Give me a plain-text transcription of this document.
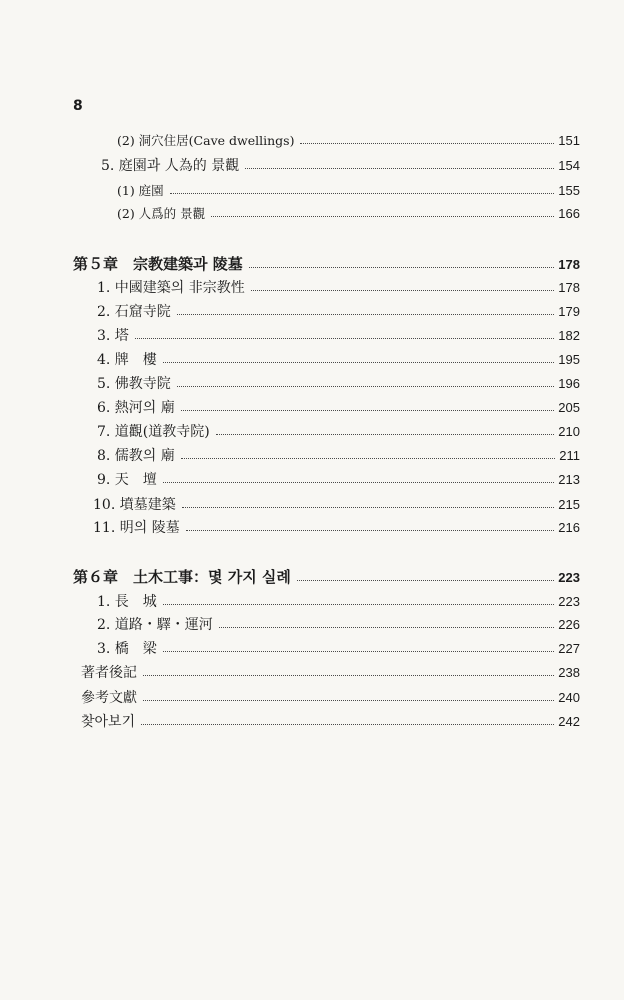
8
(2) 洞穴住居(Cave dwellings)	151
5. 庭園과 人為的 景觀	154
(1) 庭園	155
(2) 人爲的 景觀	166
第５章　宗教建築과 陵墓	178
1. 中國建築의 非宗教性	178
2. 石窟寺院	179
3. 塔	182
4. 牌　樓	195
5. 佛教寺院	196
6. 熱河의 廟	205
7. 道觀(道教寺院)	210
8. 儒教의 廟	211
9. 天　壇	213
10. 墳墓建築	215
11. 明의 陵墓	216
第６章　土木工事：몇 가지 실례	223
1. 長　城	223
2. 道路・驛・運河	226
3. 橋　梁	227
著者後記	238
參考文獻	240
찾아보기	242
